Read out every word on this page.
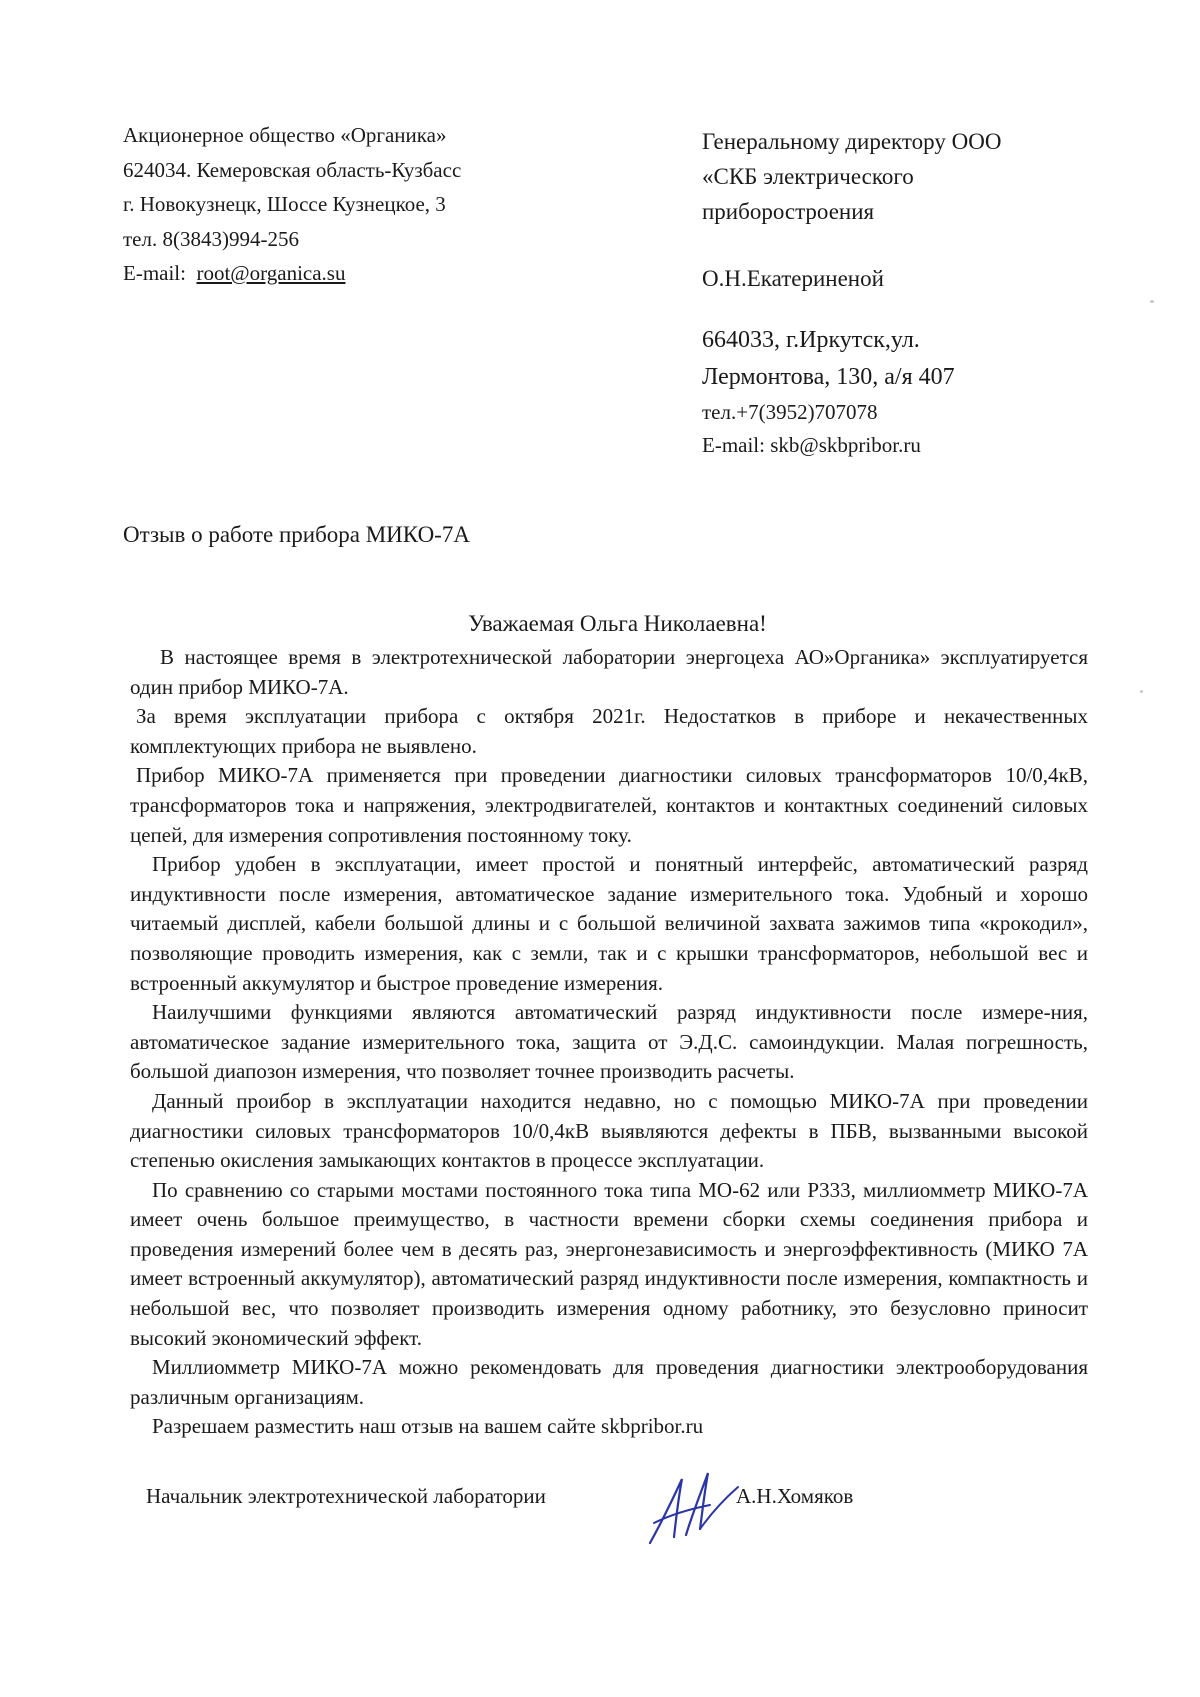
Акционерное общество «Органика»
624034. Кемеровская область-Кузбасс
г. Новокузнецк, Шоссе Кузнецкое, 3
тел. 8(3843)994-256
E-mail: root@organica.su
Генеральному директору ООО
«СКБ электрического
приборостроения
О.Н.Екатериненой
664033, г.Иркутск,ул.
Лермонтова, 130, а/я 407
тел.+7(3952)707078
E-mail: skb@skbpribor.ru
Отзыв о работе прибора МИКО-7А
Уважаемая Ольга Николаевна!

В настоящее время в электротехнической лаборатории энергоцеха АО»Органика» эксплуатируется один прибор МИКО-7А.

За время эксплуатации прибора с октября 2021г. Недостатков в приборе и некачественных комплектующих прибора не выявлено.

Прибор МИКО-7А применяется при проведении диагностики силовых трансформаторов 10/0,4кВ, трансформаторов тока и напряжения, электродвигателей, контактов и контактных соединений силовых цепей, для измерения сопротивления постоянному току.

Прибор удобен в эксплуатации, имеет простой и понятный интерфейс, автоматический разряд индуктивности после измерения, автоматическое задание измерительного тока. Удобный и хорошо читаемый дисплей, кабели большой длины и с большой величиной захвата зажимов типа «крокодил», позволяющие проводить измерения, как с земли, так и с крышки трансформаторов, небольшой вес и встроенный аккумулятор и быстрое проведение измерения.

Наилучшими функциями являются автоматический разряд индуктивности после измере-ния, автоматическое задание измерительного тока, защита от Э.Д.С. самоиндукции. Малая погрешность, большой диапозон измерения, что позволяет точнее производить расчеты.

Данный проибор в эксплуатации находится недавно, но с помощью МИКО-7А при проведении диагностики силовых трансформаторов 10/0,4кВ выявляются дефекты в ПБВ, вызванными высокой степенью окисления замыкающих контактов в процессе эксплуатации.

По сравнению со старыми мостами постоянного тока типа МО-62 или Р333, миллиомметр МИКО-7А имеет очень большое преимущество, в частности времени сборки схемы соединения прибора и проведения измерений более чем в десять раз, энергонезависимость и энергоэффективность (МИКО 7А имеет встроенный аккумулятор), автоматический разряд индуктивности после измерения, компактность и небольшой вес, что позволяет производить измерения одному работнику, это безусловно приносит высокий экономический эффект.

Миллиомметр МИКО-7А можно рекомендовать для проведения диагностики электрооборудования различным организациям.

Разрешаем разместить наш отзыв на вашем сайте skbpribor.ru

Начальник электротехнической лаборатории	А.Н.Хомяков
